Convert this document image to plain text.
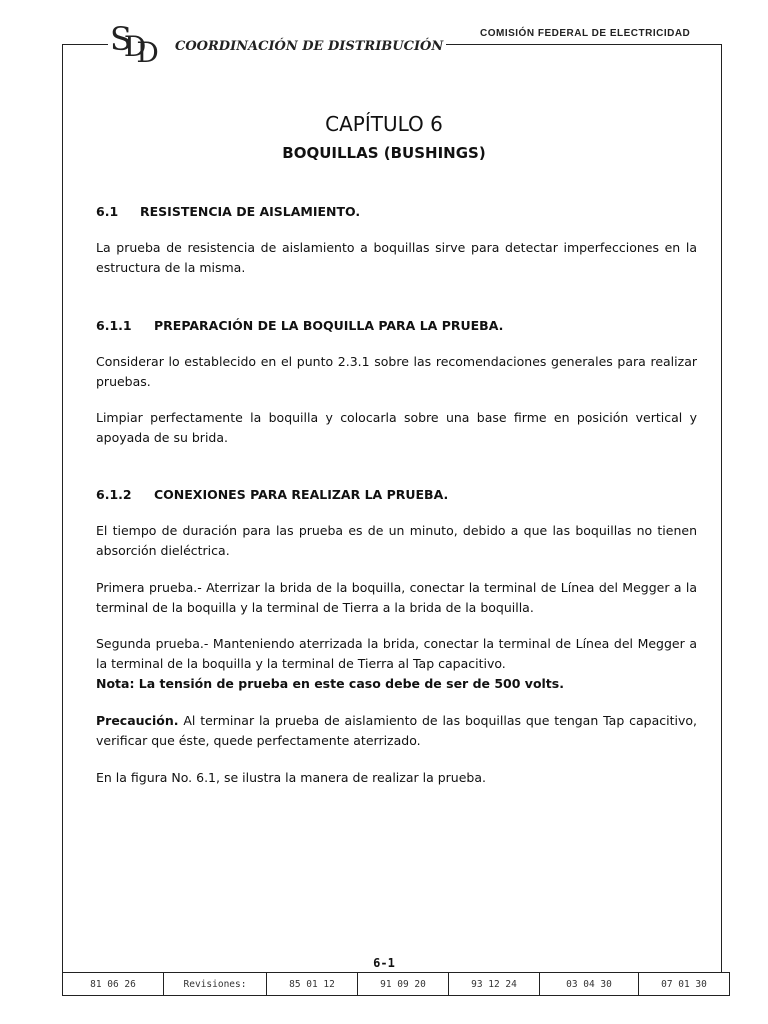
SDD	COORDINACIÓN DE DISTRIBUCIÓN
COMISIÓN FEDERAL DE ELECTRICIDAD
CAPÍTULO 6
BOQUILLAS (BUSHINGS)
6.1 RESISTENCIA DE AISLAMIENTO.
La prueba de resistencia de aislamiento a boquillas sirve para detectar imperfecciones en la estructura de la misma.
6.1.1 PREPARACIÓN DE LA BOQUILLA PARA LA PRUEBA.
Considerar lo establecido en el punto 2.3.1 sobre las recomendaciones generales para realizar pruebas.
Limpiar perfectamente la boquilla y colocarla sobre una base firme en posición vertical y apoyada de su brida.
6.1.2 CONEXIONES PARA REALIZAR LA PRUEBA.
El tiempo de duración para las prueba es de un minuto, debido a que las boquillas no tienen absorción dieléctrica.
Primera prueba.- Aterrizar la brida de la boquilla, conectar la terminal de Línea del Megger a la terminal de la boquilla y la terminal de Tierra a la brida de la boquilla.
Segunda prueba.- Manteniendo aterrizada la brida, conectar la terminal de Línea del Megger a la terminal de la boquilla y la terminal de Tierra al Tap capacitivo.
Nota: La tensión de prueba en este caso debe de ser de 500 volts.
Precaución. Al terminar la prueba de aislamiento de las boquillas que tengan Tap capacitivo, verificar que éste, quede perfectamente aterrizado.
En la figura No. 6.1, se ilustra la manera de realizar la prueba.
6-1
81 06 26	Revisiones:	85 01 12	91 09 20	93 12 24	03 04 30	07 01 30
